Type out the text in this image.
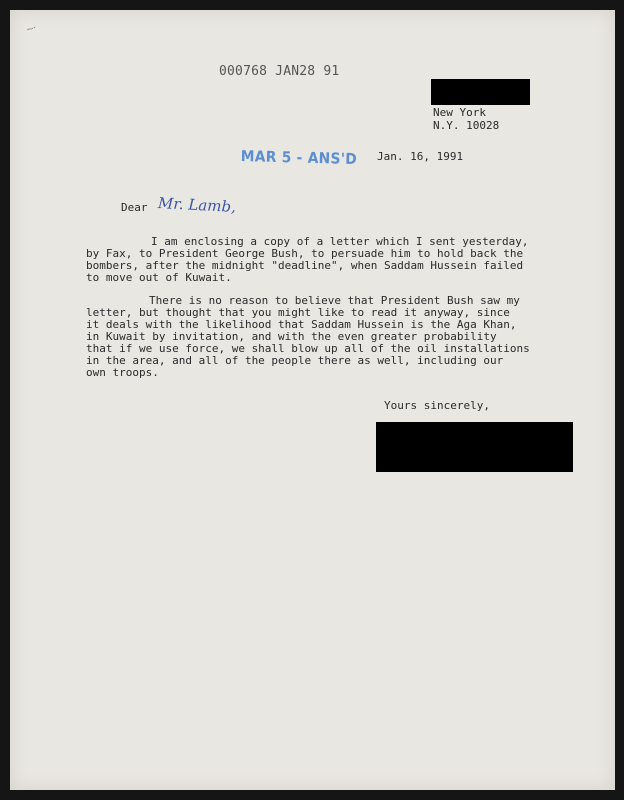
~·
000768 JAN28 91
New York
N.Y. 10028
MAR 5 - ANS'D Jan. 16, 1991
Dear Mr. Lamb,
I am enclosing a copy of a letter which I sent yesterday,
by Fax, to President George Bush, to persuade him to hold back the
bombers, after the midnight "deadline", when Saddam Hussein failed
to move out of Kuwait.
There is no reason to believe that President Bush saw my
letter, but thought that you might like to read it anyway, since
it deals with the likelihood that Saddam Hussein is the Aga Khan,
in Kuwait by invitation, and with the even greater probability
that if we use force, we shall blow up all of the oil installations
in the area, and all of the people there as well, including our
own troops.
Yours sincerely,
